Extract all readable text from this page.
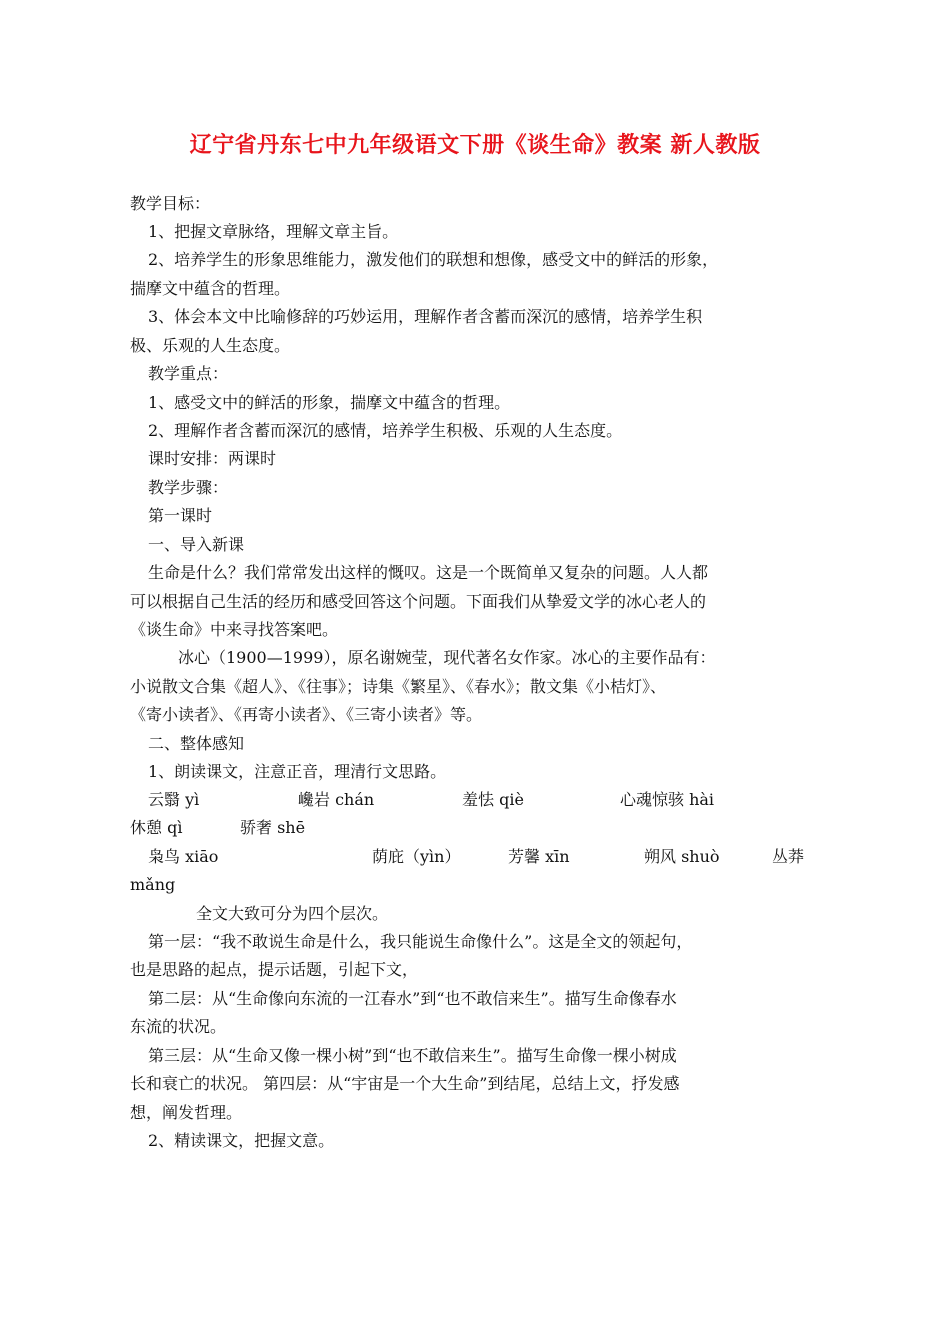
辽宁省丹东七中九年级语文下册《谈生命》教案 新人教版

教学目标：

1、把握文章脉络，理解文章主旨。

2、培养学生的形象思维能力，激发他们的联想和想像，感受文中的鲜活的形象，

揣摩文中蕴含的哲理。

3、体会本文中比喻修辞的巧妙运用，理解作者含蓄而深沉的感情，培养学生积

极、乐观的人生态度。

教学重点：

1、感受文中的鲜活的形象，揣摩文中蕴含的哲理。

2、理解作者含蓄而深沉的感情，培养学生积极、乐观的人生态度。

课时安排：两课时

教学步骤：

第一课时

一、导入新课

生命是什么？我们常常发出这样的慨叹。这是一个既简单又复杂的问题。人人都

可以根据自己生活的经历和感受回答这个问题。下面我们从挚爱文学的冰心老人的

《谈生命》中来寻找答案吧。

冰心（1900—1999），原名谢婉莹，现代著名女作家。冰心的主要作品有：

小说散文合集《超人》、《往事》；诗集《繁星》、《春水》；散文集《小桔灯》、

《寄小读者》、《再寄小读者》、《三寄小读者》等。

二、整体感知

1、朗读课文，注意正音，理清行文思路。

云翳 yì	巉岩 chán	羞怯 qiè	心魂惊骇 hài
休憩 qì	骄奢 shē
枭鸟 xiāo	荫庇（yìn）	芳馨 xīn	朔风 shuò	丛莽

mǎng

全文大致可分为四个层次。

第一层：“我不敢说生命是什么，我只能说生命像什么”。这是全文的领起句，

也是思路的起点，提示话题，引起下文，

第二层：从“生命像向东流的一江春水”到“也不敢信来生”。描写生命像春水

东流的状况。

第三层：从“生命又像一棵小树”到“也不敢信来生”。描写生命像一棵小树成

长和衰亡的状况。 第四层：从“宇宙是一个大生命”到结尾，总结上文，抒发感

想，阐发哲理。

2、精读课文，把握文意。
